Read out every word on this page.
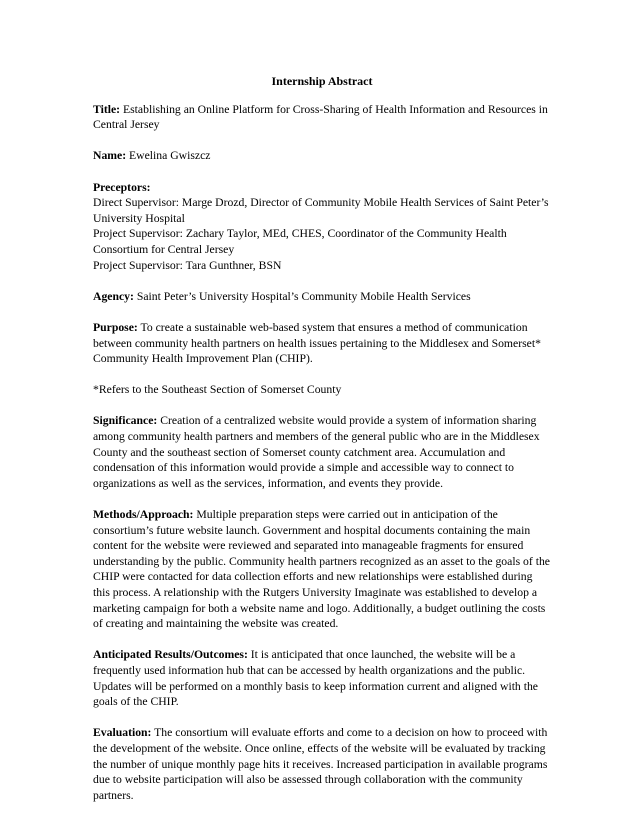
Internship Abstract
Title: Establishing an Online Platform for Cross-Sharing of Health Information and Resources in Central Jersey
Name: Ewelina Gwiszcz
Preceptors:
Direct Supervisor: Marge Drozd, Director of Community Mobile Health Services of Saint Peter’s University Hospital
Project Supervisor: Zachary Taylor, MEd, CHES, Coordinator of the Community Health Consortium for Central Jersey
Project Supervisor: Tara Gunthner, BSN
Agency: Saint Peter’s University Hospital’s Community Mobile Health Services
Purpose: To create a sustainable web-based system that ensures a method of communication between community health partners on health issues pertaining to the Middlesex and Somerset* Community Health Improvement Plan (CHIP).
*Refers to the Southeast Section of Somerset County
Significance: Creation of a centralized website would provide a system of information sharing among community health partners and members of the general public who are in the Middlesex County and the southeast section of Somerset county catchment area. Accumulation and condensation of this information would provide a simple and accessible way to connect to organizations as well as the services, information, and events they provide.
Methods/Approach: Multiple preparation steps were carried out in anticipation of the consortium’s future website launch. Government and hospital documents containing the main content for the website were reviewed and separated into manageable fragments for ensured understanding by the public. Community health partners recognized as an asset to the goals of the CHIP were contacted for data collection efforts and new relationships were established during this process. A relationship with the Rutgers University Imaginate was established to develop a marketing campaign for both a website name and logo. Additionally, a budget outlining the costs of creating and maintaining the website was created.
Anticipated Results/Outcomes: It is anticipated that once launched, the website will be a frequently used information hub that can be accessed by health organizations and the public. Updates will be performed on a monthly basis to keep information current and aligned with the goals of the CHIP.
Evaluation: The consortium will evaluate efforts and come to a decision on how to proceed with the development of the website. Once online, effects of the website will be evaluated by tracking the number of unique monthly page hits it receives. Increased participation in available programs due to website participation will also be assessed through collaboration with the community partners.
